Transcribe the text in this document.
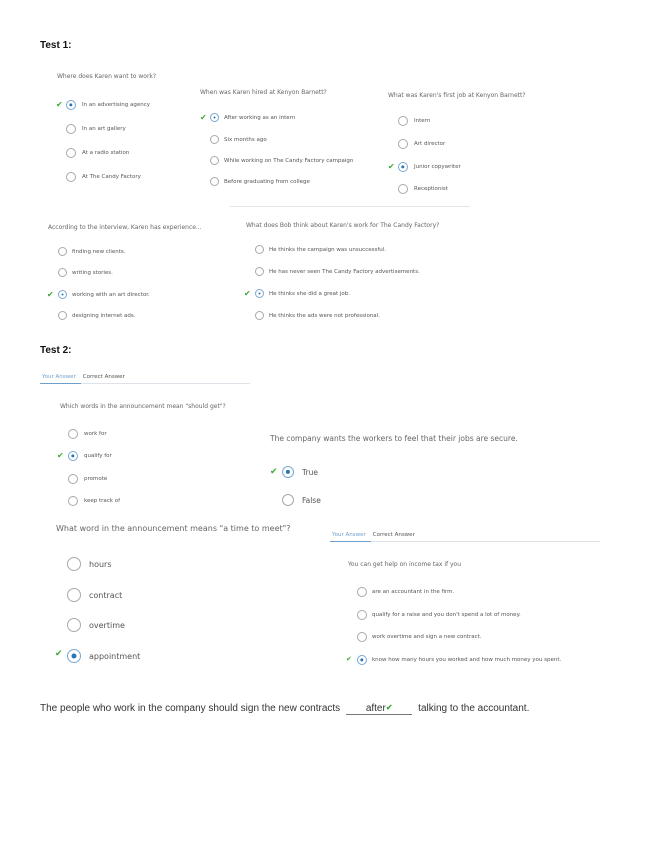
Test 1:
Where does Karen want to work?
✔	In an advertising agency
In an art gallery
At a radio station
At The Candy Factory
When was Karen hired at Kenyon Barnett?
✔	After working as an intern
Six months ago
While working on The Candy Factory campaign
Before graduating from college
What was Karen's first job at Kenyon Barnett?
Intern
Art director
✔	Junior copywriter
Receptionist
According to the interview, Karen has experience...
finding new clients.
writing stories.
✔	working with an art director.
designing internet ads.
What does Bob think about Karen's work for The Candy Factory?
He thinks the campaign was unsuccessful.
He has never seen The Candy Factory advertisements.
✔	He thinks she did a great job.
He thinks the ads were not professional.
Test 2:
Your Answer	Correct Answer
Which words in the announcement mean "should get"?
work for
✔	qualify for
promote
keep track of
The company wants the workers to feel that their jobs are secure.
✔	True
False
What word in the announcement means "a time to meet"?
hours
contract
overtime
✔	appointment
Your Answer	Correct Answer
You can get help on income tax if you
are an accountant in the firm.
qualify for a raise and you don't spend a lot of money.
work overtime and sign a new contract.
✔	know how many hours you worked and how much money you spent.
The people who work in the company should sign the new contracts	after✔	talking to the accountant.
